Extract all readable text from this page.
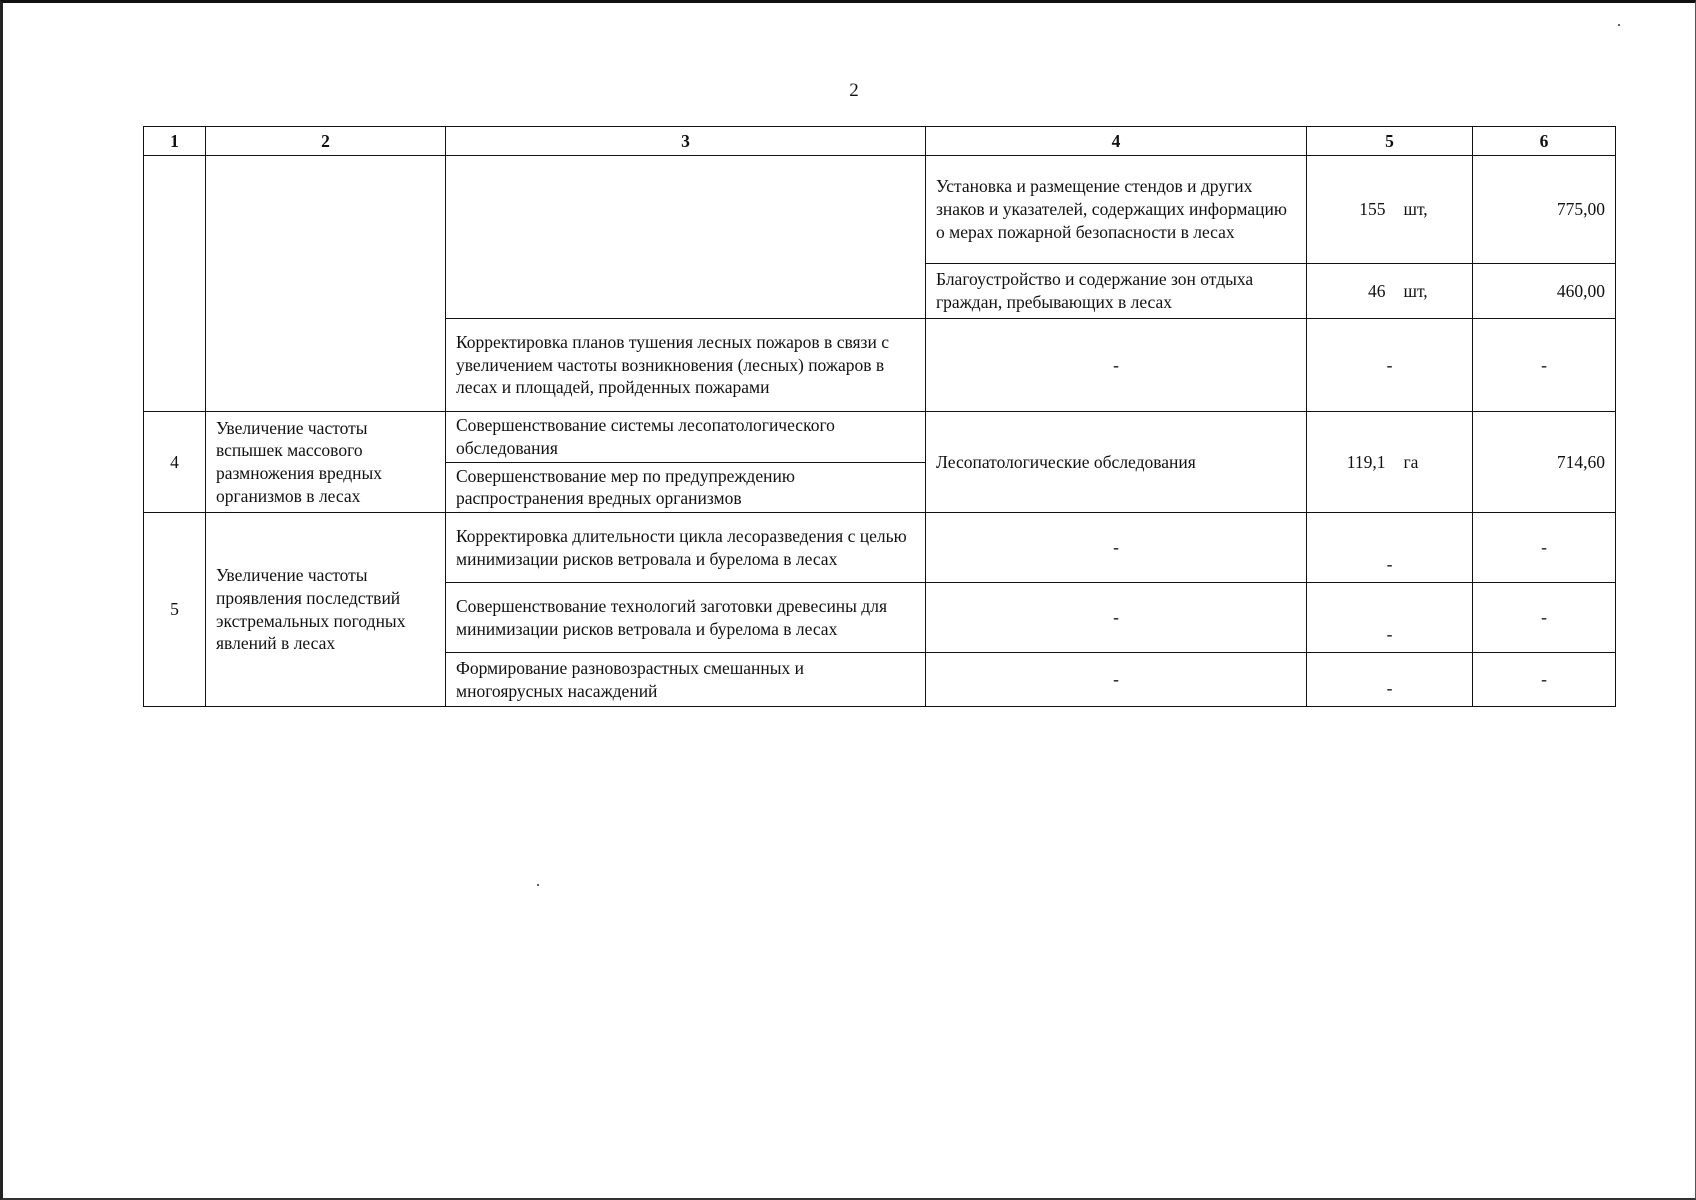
2
1	2	3	4	5	6
			Установка и размещение стендов и других знаков и указателей, содержащих информацию о мерах пожарной безопасности в лесах	155 шт,	775,00
			Благоустройство и содержание зон отдыха граждан, пребывающих в лесах	46 шт,	460,00
		Корректировка планов тушения лесных пожаров в связи с увеличением частоты возникновения (лесных) пожаров в лесах и площадей, пройденных пожарами	-	-	-
4	Увеличение частоты вспышек массового размножения вредных организмов в лесах	Совершенствование системы лесопатологического обследования	Лесопатологические обследования	119,1 га	714,60
		Совершенствование мер по предупреждению распространения вредных организмов			
5	Увеличение частоты проявления последствий экстремальных погодных явлений в лесах	Корректировка длительности цикла лесоразведения с целью минимизации рисков ветровала и бурелома в лесах	-	-	-
		Совершенствование технологий заготовки древесины для минимизации рисков ветровала и бурелома в лесах	-	-	-
		Формирование разновозрастных смешанных и многоярусных насаждений	-	-	-
